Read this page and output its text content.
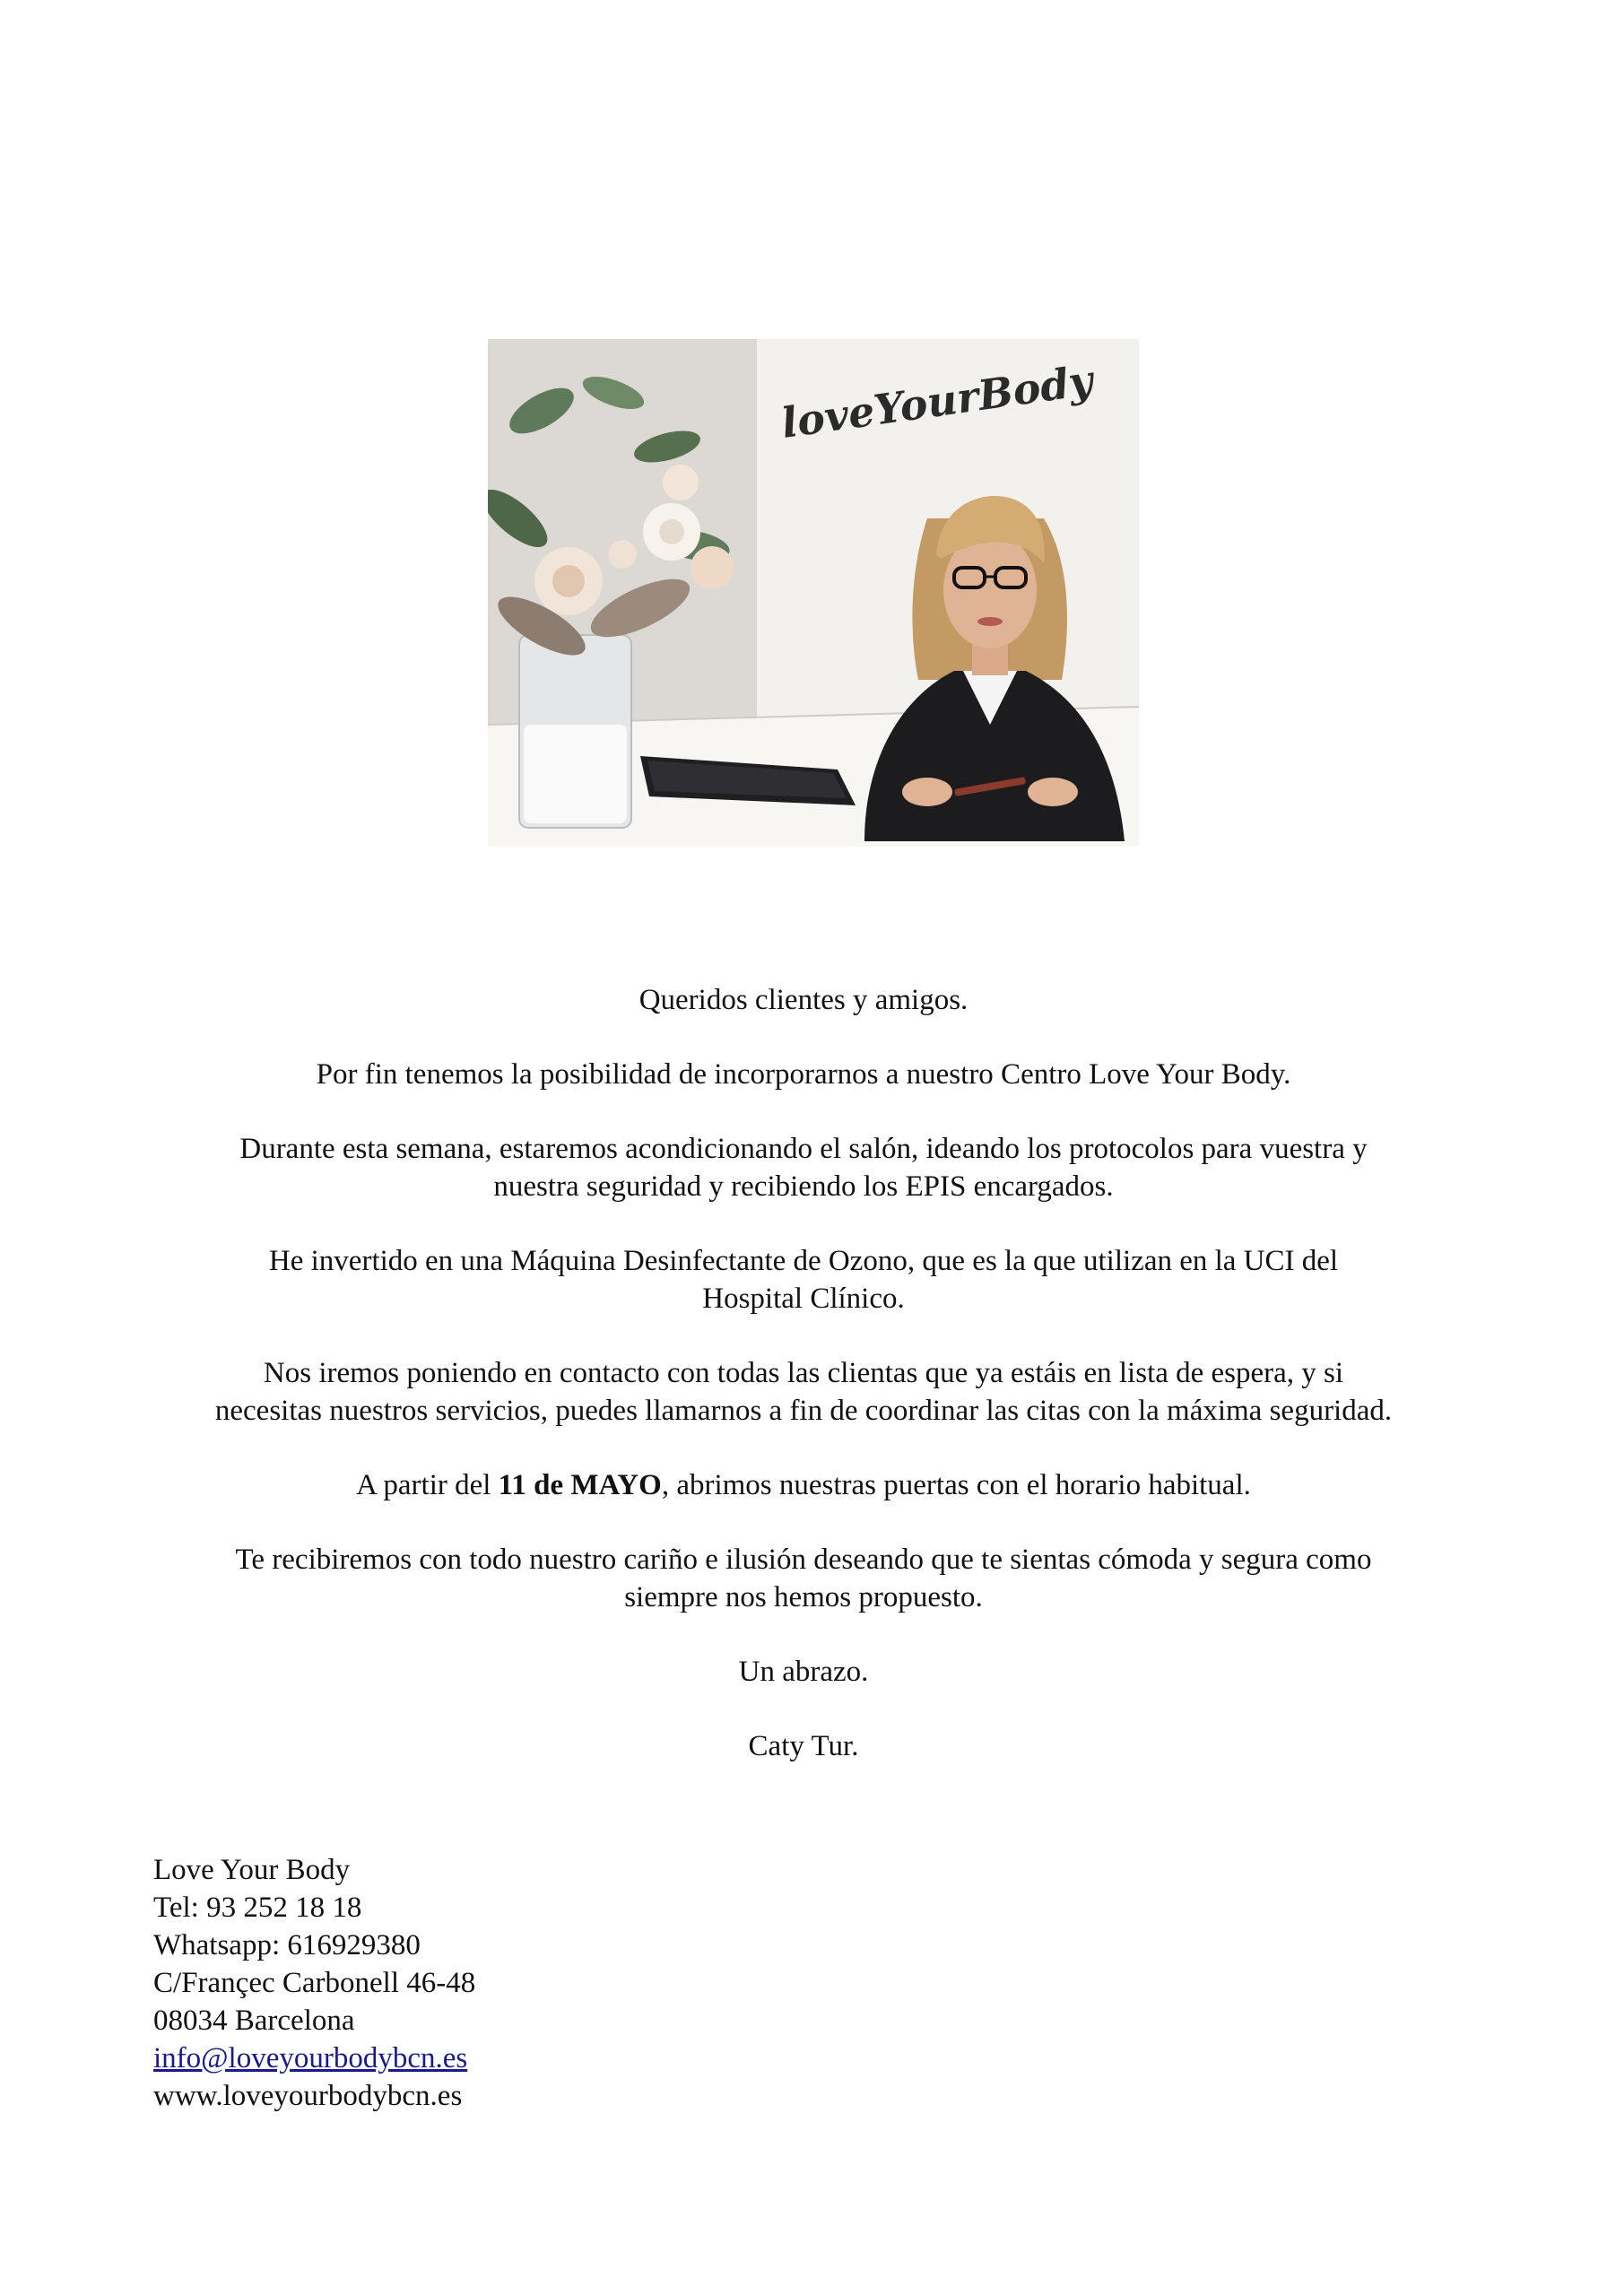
loveYourBody

Queridos clientes y amigos.

Por fin tenemos la posibilidad de incorporarnos a nuestro Centro Love Your Body.

Durante esta semana, estaremos acondicionando el salón, ideando los protocolos para vuestra y
nuestra seguridad y recibiendo los EPIS encargados.

He invertido en una Máquina Desinfectante de Ozono, que es la que utilizan en la UCI del
Hospital Clínico.

Nos iremos poniendo en contacto con todas las clientas que ya estáis en lista de espera, y si
necesitas nuestros servicios, puedes llamarnos a fin de coordinar las citas con la máxima seguridad.

A partir del 11 de MAYO, abrimos nuestras puertas con el horario habitual.

Te recibiremos con todo nuestro cariño e ilusión deseando que te sientas cómoda y segura como
siempre nos hemos propuesto.

Un abrazo.

Caty Tur.

Love Your Body
Tel: 93 252 18 18
Whatsapp: 616929380
C/Françec Carbonell 46-48
08034 Barcelona
info@loveyourbodybcn.es
www.loveyourbodybcn.es
